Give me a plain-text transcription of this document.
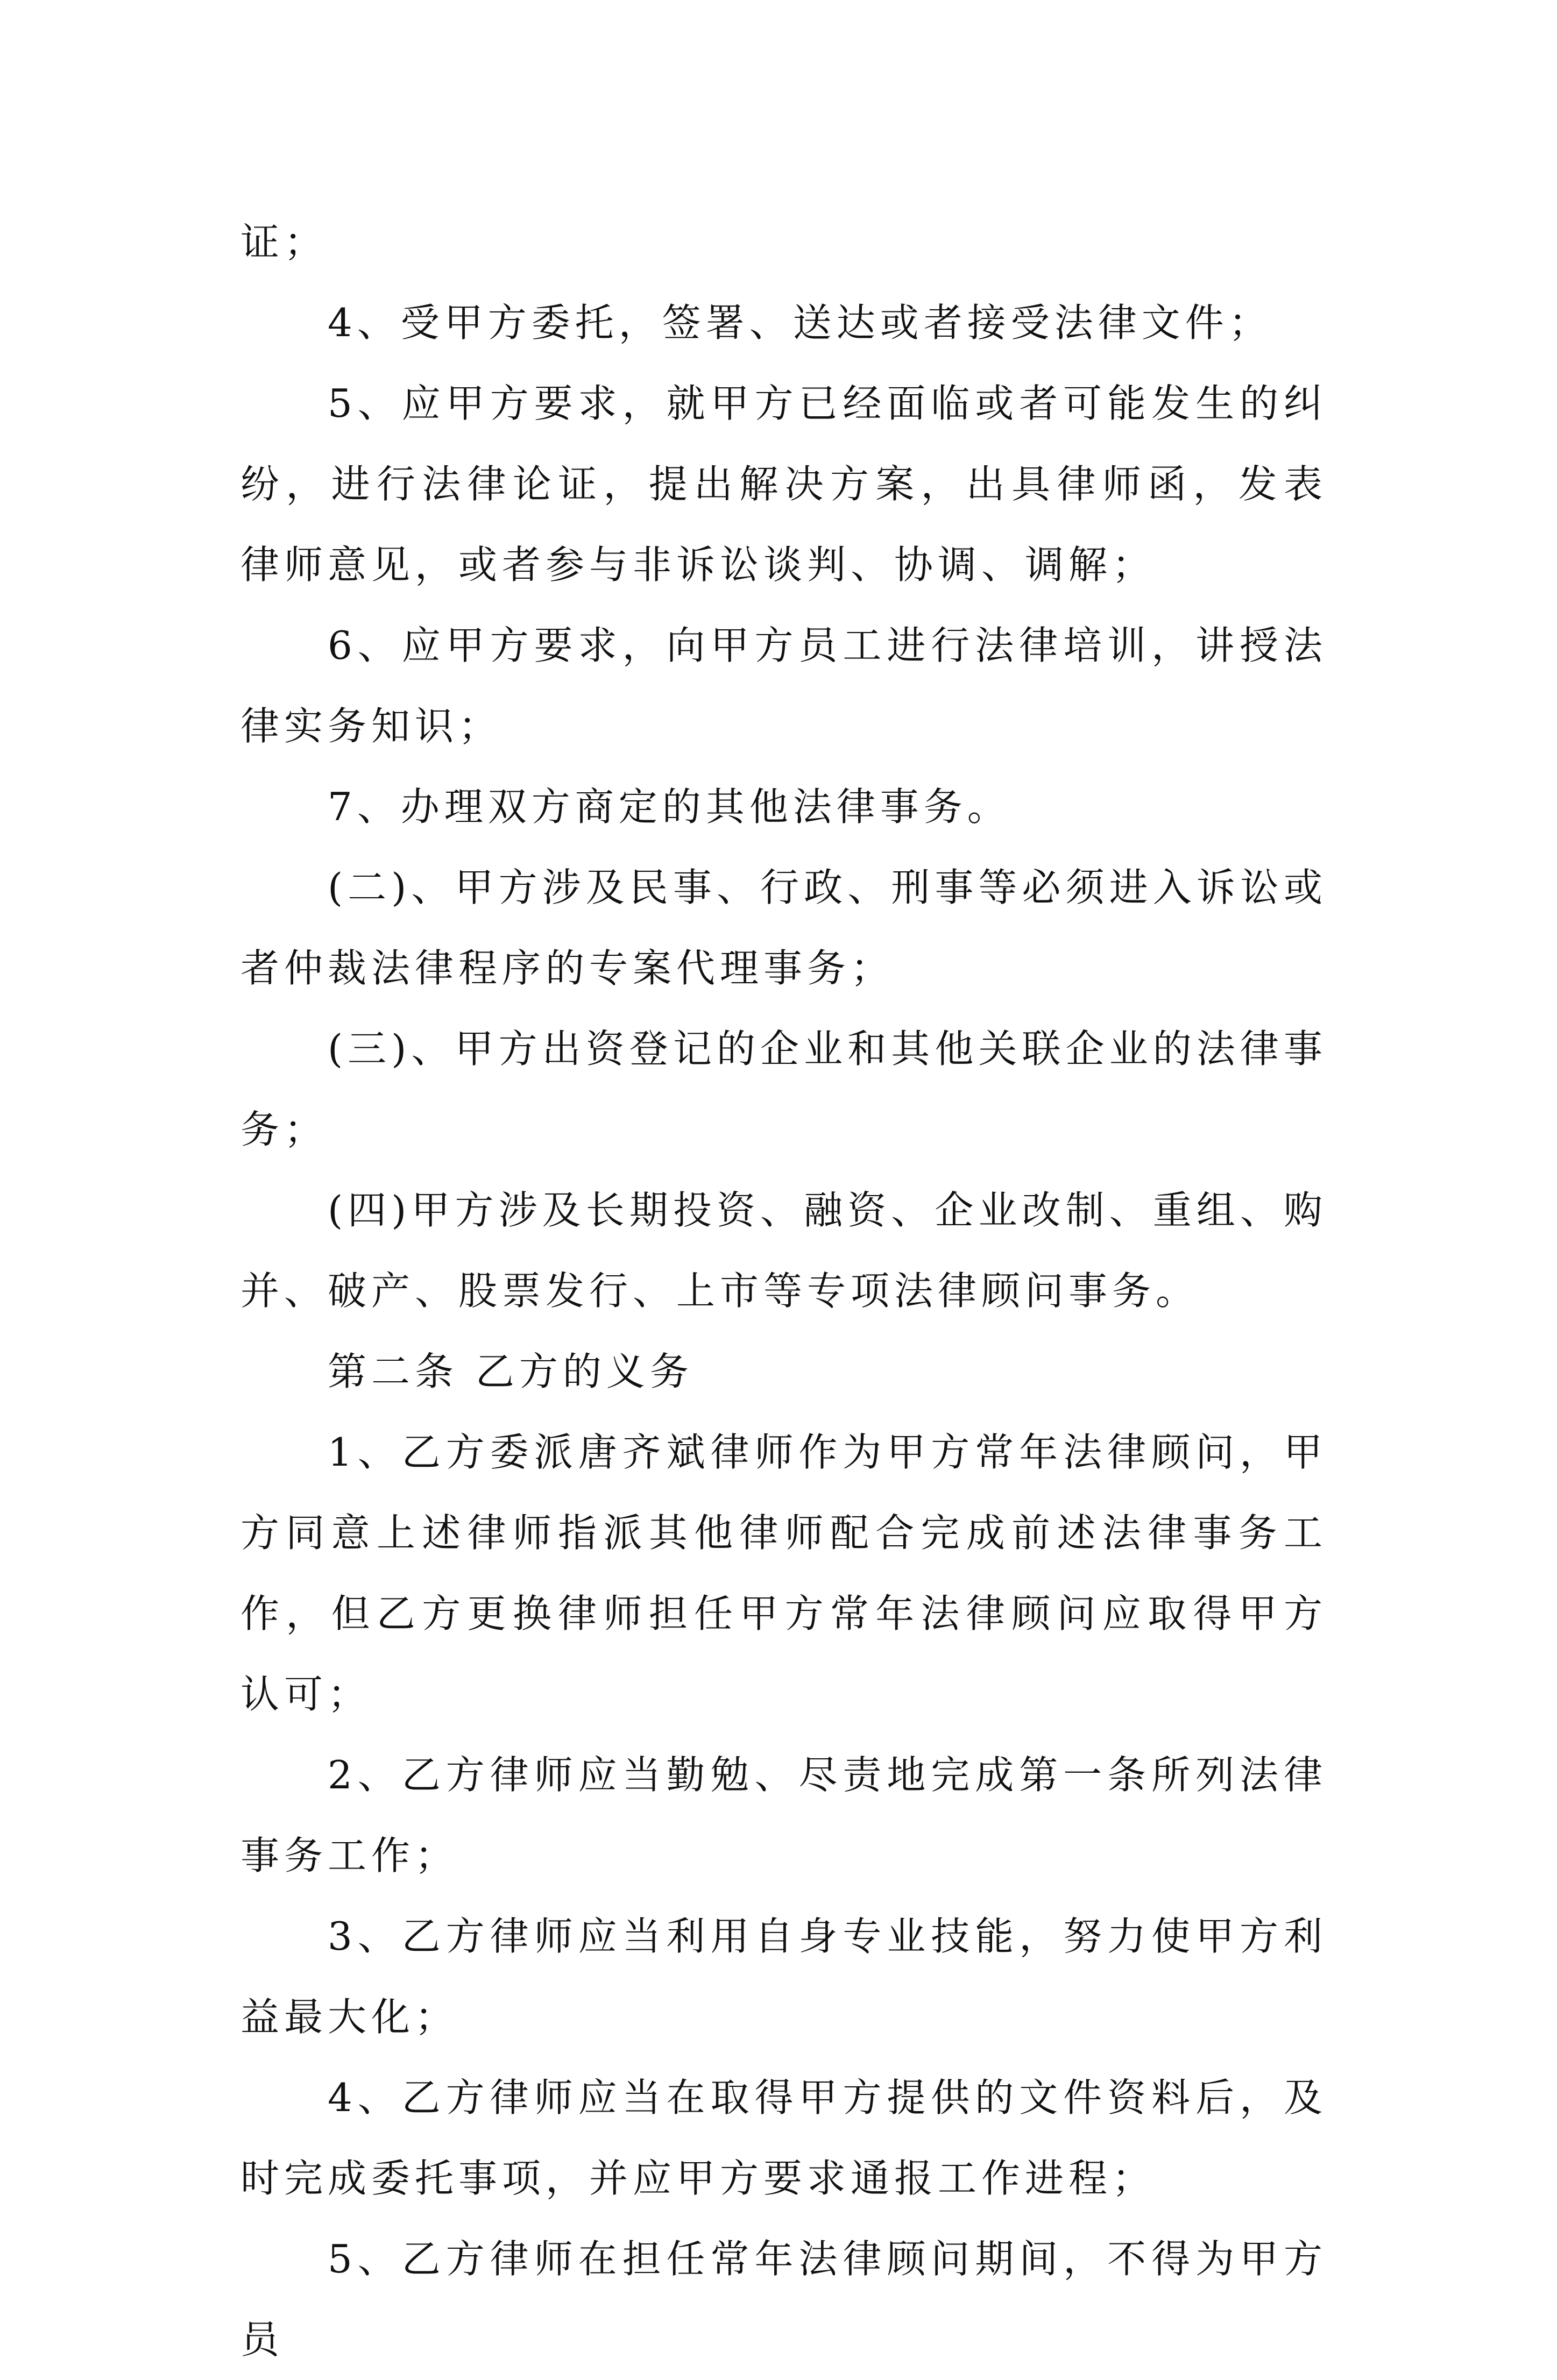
证；

4、受甲方委托，签署、送达或者接受法律文件；

5、应甲方要求，就甲方已经面临或者可能发生的纠纷，进行法律论证，提出解决方案，出具律师函，发表律师意见，或者参与非诉讼谈判、协调、调解；

6、应甲方要求，向甲方员工进行法律培训，讲授法律实务知识；

7、办理双方商定的其他法律事务。

(二)、甲方涉及民事、行政、刑事等必须进入诉讼或者仲裁法律程序的专案代理事务；

(三)、甲方出资登记的企业和其他关联企业的法律事务；

(四)甲方涉及长期投资、融资、企业改制、重组、购并、破产、股票发行、上市等专项法律顾问事务。

第二条 乙方的义务

1、乙方委派唐齐斌律师作为甲方常年法律顾问，甲方同意上述律师指派其他律师配合完成前述法律事务工作，但乙方更换律师担任甲方常年法律顾问应取得甲方认可；

2、乙方律师应当勤勉、尽责地完成第一条所列法律事务工作；

3、乙方律师应当利用自身专业技能，努力使甲方利益最大化；

4、乙方律师应当在取得甲方提供的文件资料后，及时完成委托事项，并应甲方要求通报工作进程；

5、乙方律师在担任常年法律顾问期间，不得为甲方员
